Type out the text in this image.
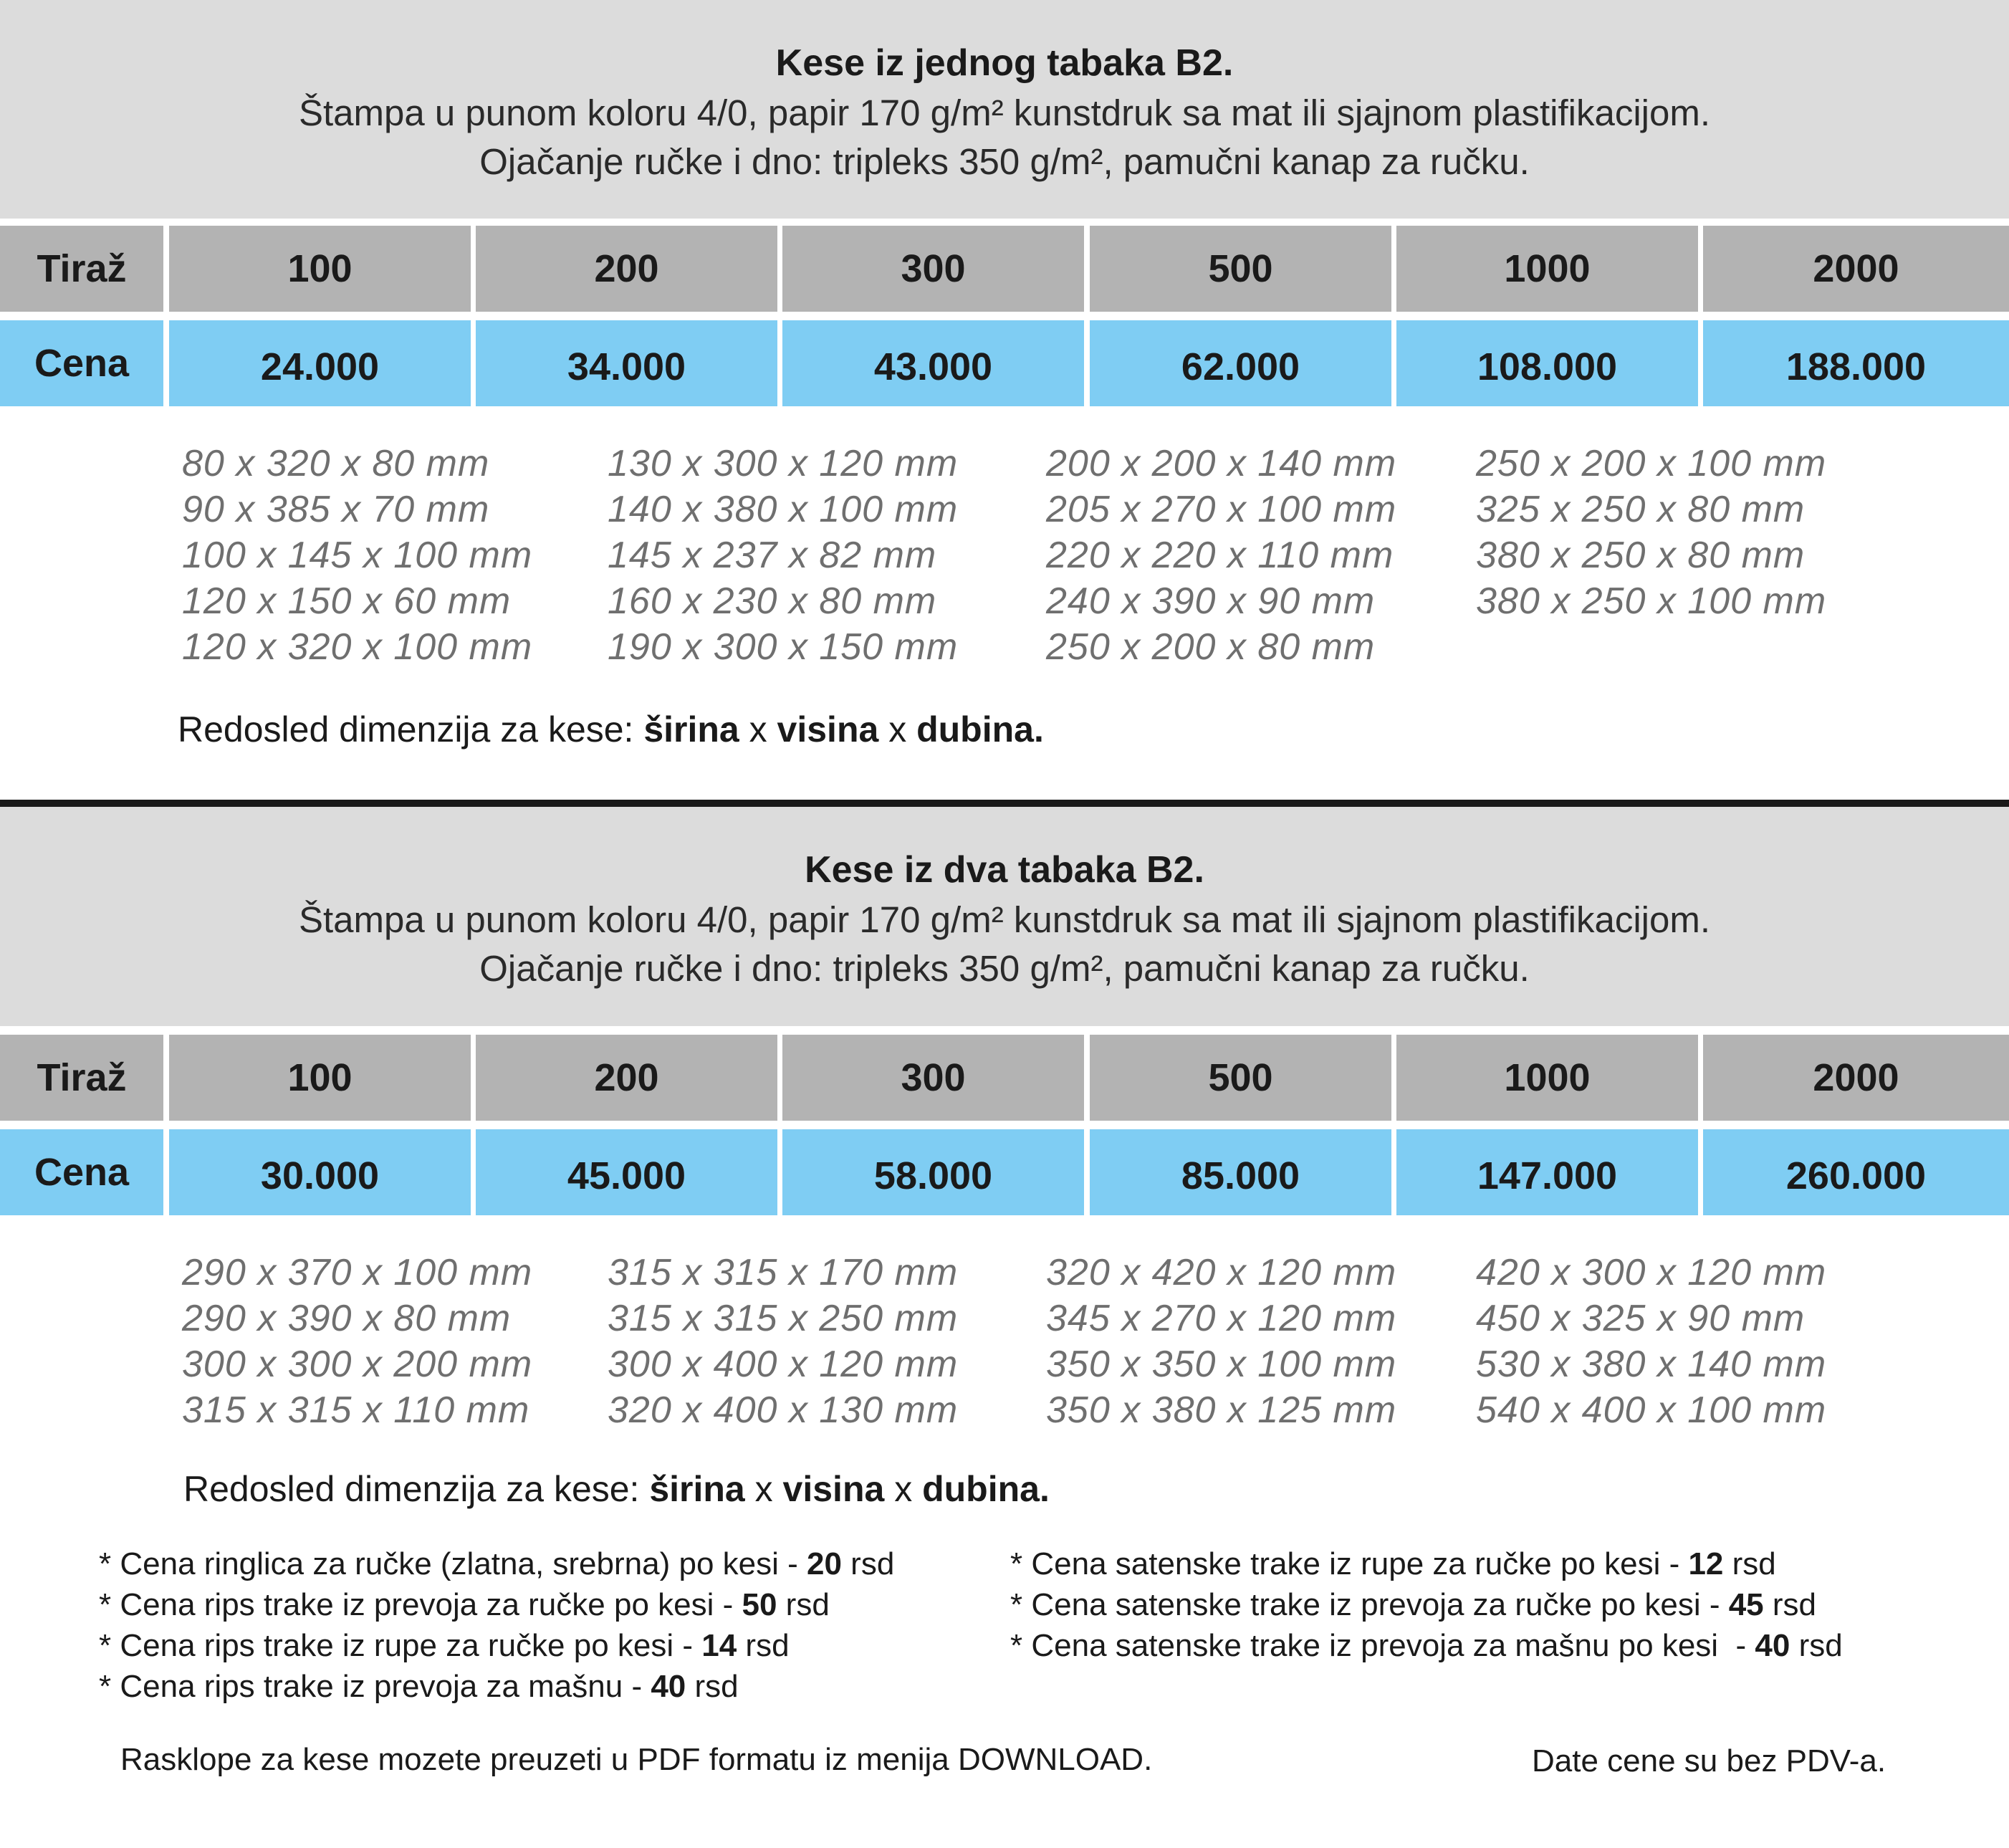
Kese iz jednog tabaka B2.
Štampa u punom koloru 4/0, papir 170 g/m² kunstdruk sa mat ili sjajnom plastifikacijom.
Ojačanje ručke i dno: tripleks 350 g/m², pamučni kanap za ručku.
Tiraž	100	200	300	500	1000	2000
Cena	24.000	34.000	43.000	62.000	108.000	188.000
80 x 320 x 80 mm
90 x 385 x 70 mm
100 x 145 x 100 mm
120 x 150 x 60 mm
120 x 320 x 100 mm
130 x 300 x 120 mm
140 x 380 x 100 mm
145 x 237 x 82 mm
160 x 230 x 80 mm
190 x 300 x 150 mm
200 x 200 x 140 mm
205 x 270 x 100 mm
220 x 220 x 110 mm
240 x 390 x 90 mm
250 x 200 x 80 mm
250 x 200 x 100 mm
325 x 250 x 80 mm
380 x 250 x 80 mm
380 x 250 x 100 mm
Redosled dimenzija za kese: širina x visina x dubina.
Kese iz dva tabaka B2.
Štampa u punom koloru 4/0, papir 170 g/m² kunstdruk sa mat ili sjajnom plastifikacijom.
Ojačanje ručke i dno: tripleks 350 g/m², pamučni kanap za ručku.
Tiraž	100	200	300	500	1000	2000
Cena	30.000	45.000	58.000	85.000	147.000	260.000
290 x 370 x 100 mm
290 x 390 x 80 mm
300 x 300 x 200 mm
315 x 315 x 110 mm
315 x 315 x 170 mm
315 x 315 x 250 mm
300 x 400 x 120 mm
320 x 400 x 130 mm
320 x 420 x 120 mm
345 x 270 x 120 mm
350 x 350 x 100 mm
350 x 380 x 125 mm
420 x 300 x 120 mm
450 x 325 x 90 mm
530 x 380 x 140 mm
540 x 400 x 100 mm
Redosled dimenzija za kese: širina x visina x dubina.
* Cena ringlica za ručke (zlatna, srebrna) po kesi - 20 rsd
* Cena rips trake iz prevoja za ručke po kesi - 50 rsd
* Cena rips trake iz rupe za ručke po kesi - 14 rsd
* Cena rips trake iz prevoja za mašnu - 40 rsd
* Cena satenske trake iz rupe za ručke po kesi - 12 rsd
* Cena satenske trake iz prevoja za ručke po kesi - 45 rsd
* Cena satenske trake iz prevoja za mašnu po kesi  - 40 rsd
Rasklope za kese mozete preuzeti u PDF formatu iz menija DOWNLOAD.	Date cene su bez PDV-a.
